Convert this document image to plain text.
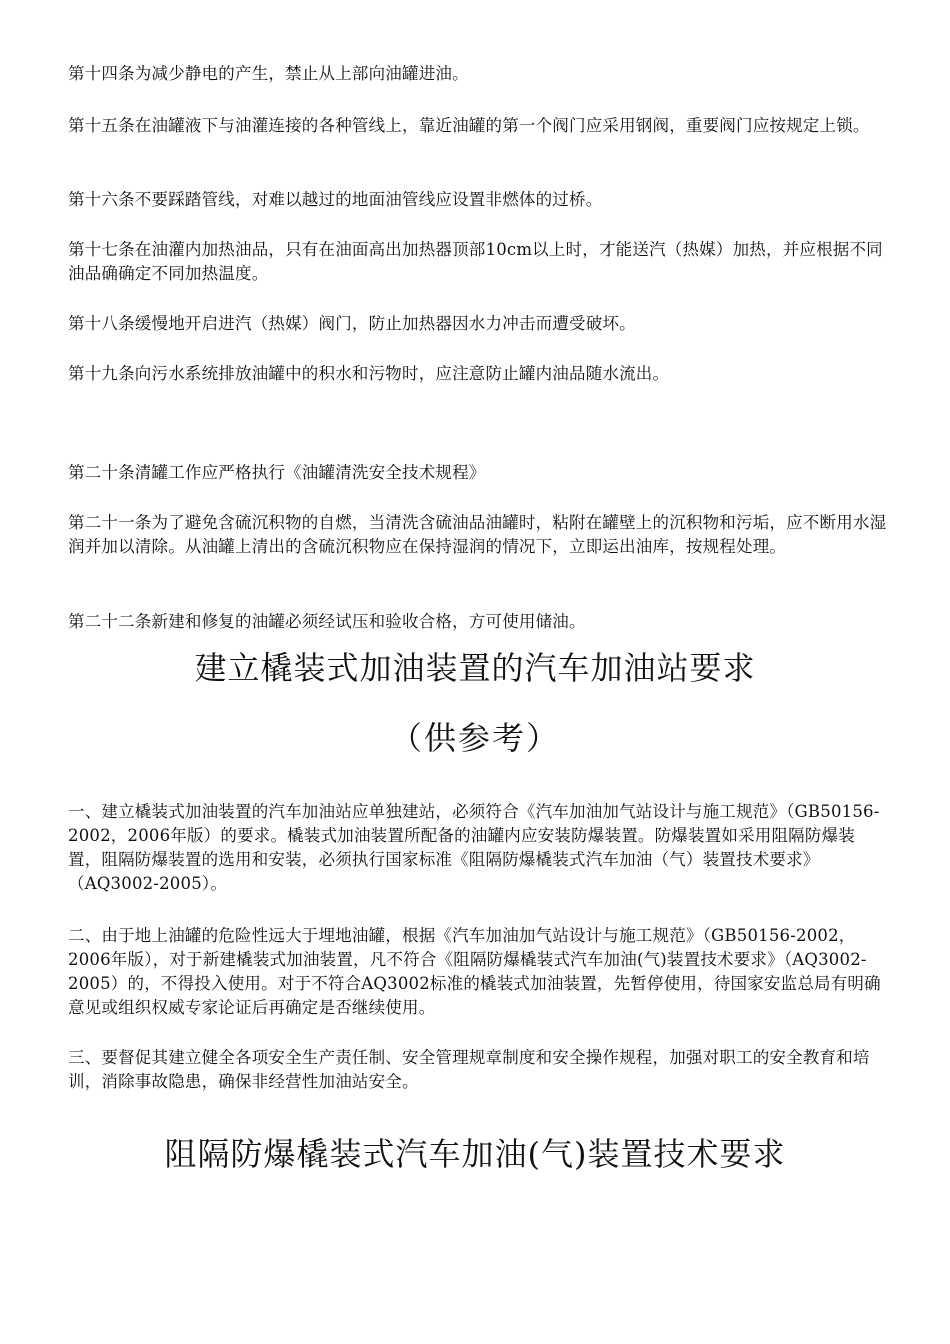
第十四条为减少静电的产生，禁止从上部向油罐进油。

第十五条在油罐液下与油灌连接的各种管线上，靠近油罐的第一个阀门应采用钢阀，重要阀门应按规定上锁。

第十六条不要踩踏管线，对难以越过的地面油管线应设置非燃体的过桥。

第十七条在油灌内加热油品，只有在油面高出加热器顶部10cm以上时，才能送汽（热媒）加热，并应根据不同油品确确定不同加热温度。

第十八条缓慢地开启进汽（热媒）阀门，防止加热器因水力冲击而遭受破坏。

第十九条向污水系统排放油罐中的积水和污物时，应注意防止罐内油品随水流出。

第二十条清罐工作应严格执行《油罐清洗安全技术规程》

第二十一条为了避免含硫沉积物的自燃，当清洗含硫油品油罐时，粘附在罐壁上的沉积物和污垢，应不断用水湿润并加以清除。从油罐上清出的含硫沉积物应在保持湿润的情况下，立即运出油库，按规程处理。

第二十二条新建和修复的油罐必须经试压和验收合格，方可使用储油。

建立橇装式加油装置的汽车加油站要求
（供参考）

一、建立橇装式加油装置的汽车加油站应单独建站，必须符合《汽车加油加气站设计与施工规范》（GB50156-2002，2006年版）的要求。橇装式加油装置所配备的油罐内应安装防爆装置。防爆装置如采用阻隔防爆装置，阻隔防爆装置的选用和安装，必须执行国家标准《阻隔防爆橇装式汽车加油（气）装置技术要求》（AQ3002-2005）。

二、由于地上油罐的危险性远大于埋地油罐，根据《汽车加油加气站设计与施工规范》（GB50156-2002，2006年版），对于新建橇装式加油装置，凡不符合《阻隔防爆橇装式汽车加油(气)装置技术要求》（AQ3002-2005）的，不得投入使用。对于不符合AQ3002标准的橇装式加油装置，先暂停使用，待国家安监总局有明确意见或组织权威专家论证后再确定是否继续使用。

三、要督促其建立健全各项安全生产责任制、安全管理规章制度和安全操作规程，加强对职工的安全教育和培训，消除事故隐患，确保非经营性加油站安全。

阻隔防爆橇装式汽车加油(气)装置技术要求
